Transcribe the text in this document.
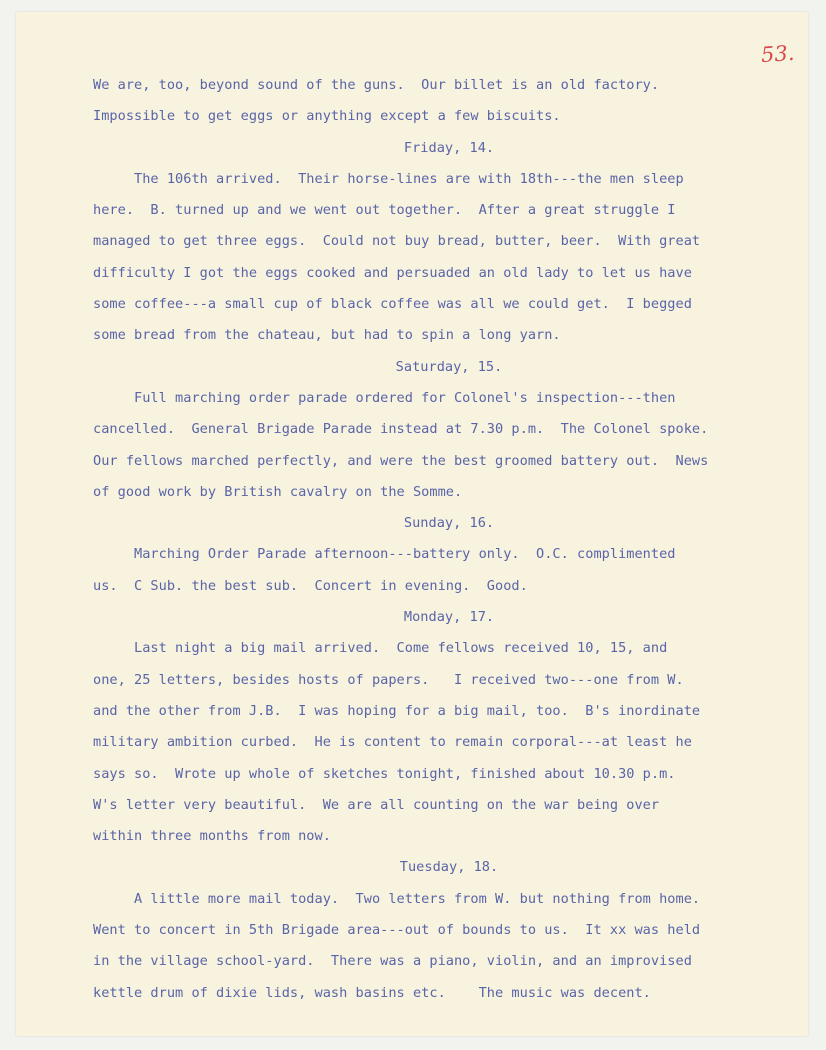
53.
We are, too, beyond sound of the guns.  Our billet is an old factory.
Impossible to get eggs or anything except a few biscuits.
Friday, 14.
The 106th arrived.  Their horse-lines are with 18th---the men sleep
here.  B. turned up and we went out together.  After a great struggle I
managed to get three eggs.  Could not buy bread, butter, beer.  With great
difficulty I got the eggs cooked and persuaded an old lady to let us have
some coffee---a small cup of black coffee was all we could get.  I begged
some bread from the chateau, but had to spin a long yarn.
Saturday, 15.
Full marching order parade ordered for Colonel's inspection---then
cancelled.  General Brigade Parade instead at 7.30 p.m.  The Colonel spoke.
Our fellows marched perfectly, and were the best groomed battery out.  News
of good work by British cavalry on the Somme.
Sunday, 16.
Marching Order Parade afternoon---battery only.  O.C. complimented
us.  C Sub. the best sub.  Concert in evening.  Good.
Monday, 17.
Last night a big mail arrived.  Come fellows received 10, 15, and
one, 25 letters, besides hosts of papers.   I received two---one from W.
and the other from J.B.  I was hoping for a big mail, too.  B's inordinate
military ambition curbed.  He is content to remain corporal---at least he
says so.  Wrote up whole of sketches tonight, finished about 10.30 p.m.
W's letter very beautiful.  We are all counting on the war being over
within three months from now.
Tuesday, 18.
A little more mail today.  Two letters from W. but nothing from home.
Went to concert in 5th Brigade area---out of bounds to us.  It xx was held
in the village school-yard.  There was a piano, violin, and an improvised
kettle drum of dixie lids, wash basins etc.    The music was decent.
